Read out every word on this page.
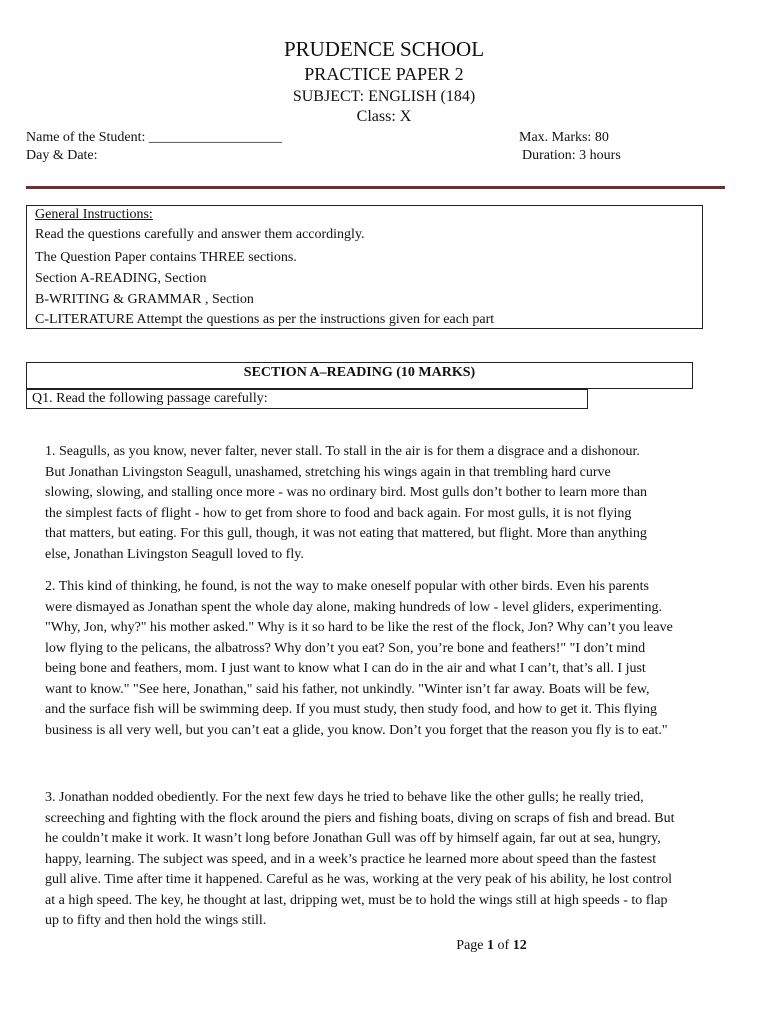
PRUDENCE SCHOOL
PRACTICE PAPER 2
SUBJECT: ENGLISH (184)
Class: X
Name of the Student: ___________________
Day & Date:
Max. Marks: 80
Duration: 3 hours
General Instructions:
Read the questions carefully and answer them accordingly.
The Question Paper contains THREE sections.
Section A-READING, Section
B-WRITING & GRAMMAR , Section
C-LITERATURE Attempt the questions as per the instructions given for each part
SECTION A–READING (10 MARKS)
Q1. Read the following passage carefully:
1. Seagulls, as you know, never falter, never stall. To stall in the air is for them a disgrace and a dishonour.
But Jonathan Livingston Seagull, unashamed, stretching his wings again in that trembling hard curve
slowing, slowing, and stalling once more - was no ordinary bird. Most gulls don’t bother to learn more than
the simplest facts of flight - how to get from shore to food and back again. For most gulls, it is not flying
that matters, but eating. For this gull, though, it was not eating that mattered, but flight. More than anything
else, Jonathan Livingston Seagull loved to fly.
2. This kind of thinking, he found, is not the way to make oneself popular with other birds. Even his parents
were dismayed as Jonathan spent the whole day alone, making hundreds of low - level gliders, experimenting.
"Why, Jon, why?" his mother asked." Why is it so hard to be like the rest of the flock, Jon? Why can’t you leave
low flying to the pelicans, the albatross? Why don’t you eat? Son, you’re bone and feathers!" "I don’t mind
being bone and feathers, mom. I just want to know what I can do in the air and what I can’t, that’s all. I just
want to know." "See here, Jonathan," said his father, not unkindly. "Winter isn’t far away. Boats will be few,
and the surface fish will be swimming deep. If you must study, then study food, and how to get it. This flying
business is all very well, but you can’t eat a glide, you know. Don’t you forget that the reason you fly is to eat."
3. Jonathan nodded obediently. For the next few days he tried to behave like the other gulls; he really tried,
screeching and fighting with the flock around the piers and fishing boats, diving on scraps of fish and bread. But
he couldn’t make it work. It wasn’t long before Jonathan Gull was off by himself again, far out at sea, hungry,
happy, learning. The subject was speed, and in a week’s practice he learned more about speed than the fastest
gull alive. Time after time it happened. Careful as he was, working at the very peak of his ability, he lost control
at a high speed. The key, he thought at last, dripping wet, must be to hold the wings still at high speeds - to flap
up to fifty and then hold the wings still.
Page 1 of 12
